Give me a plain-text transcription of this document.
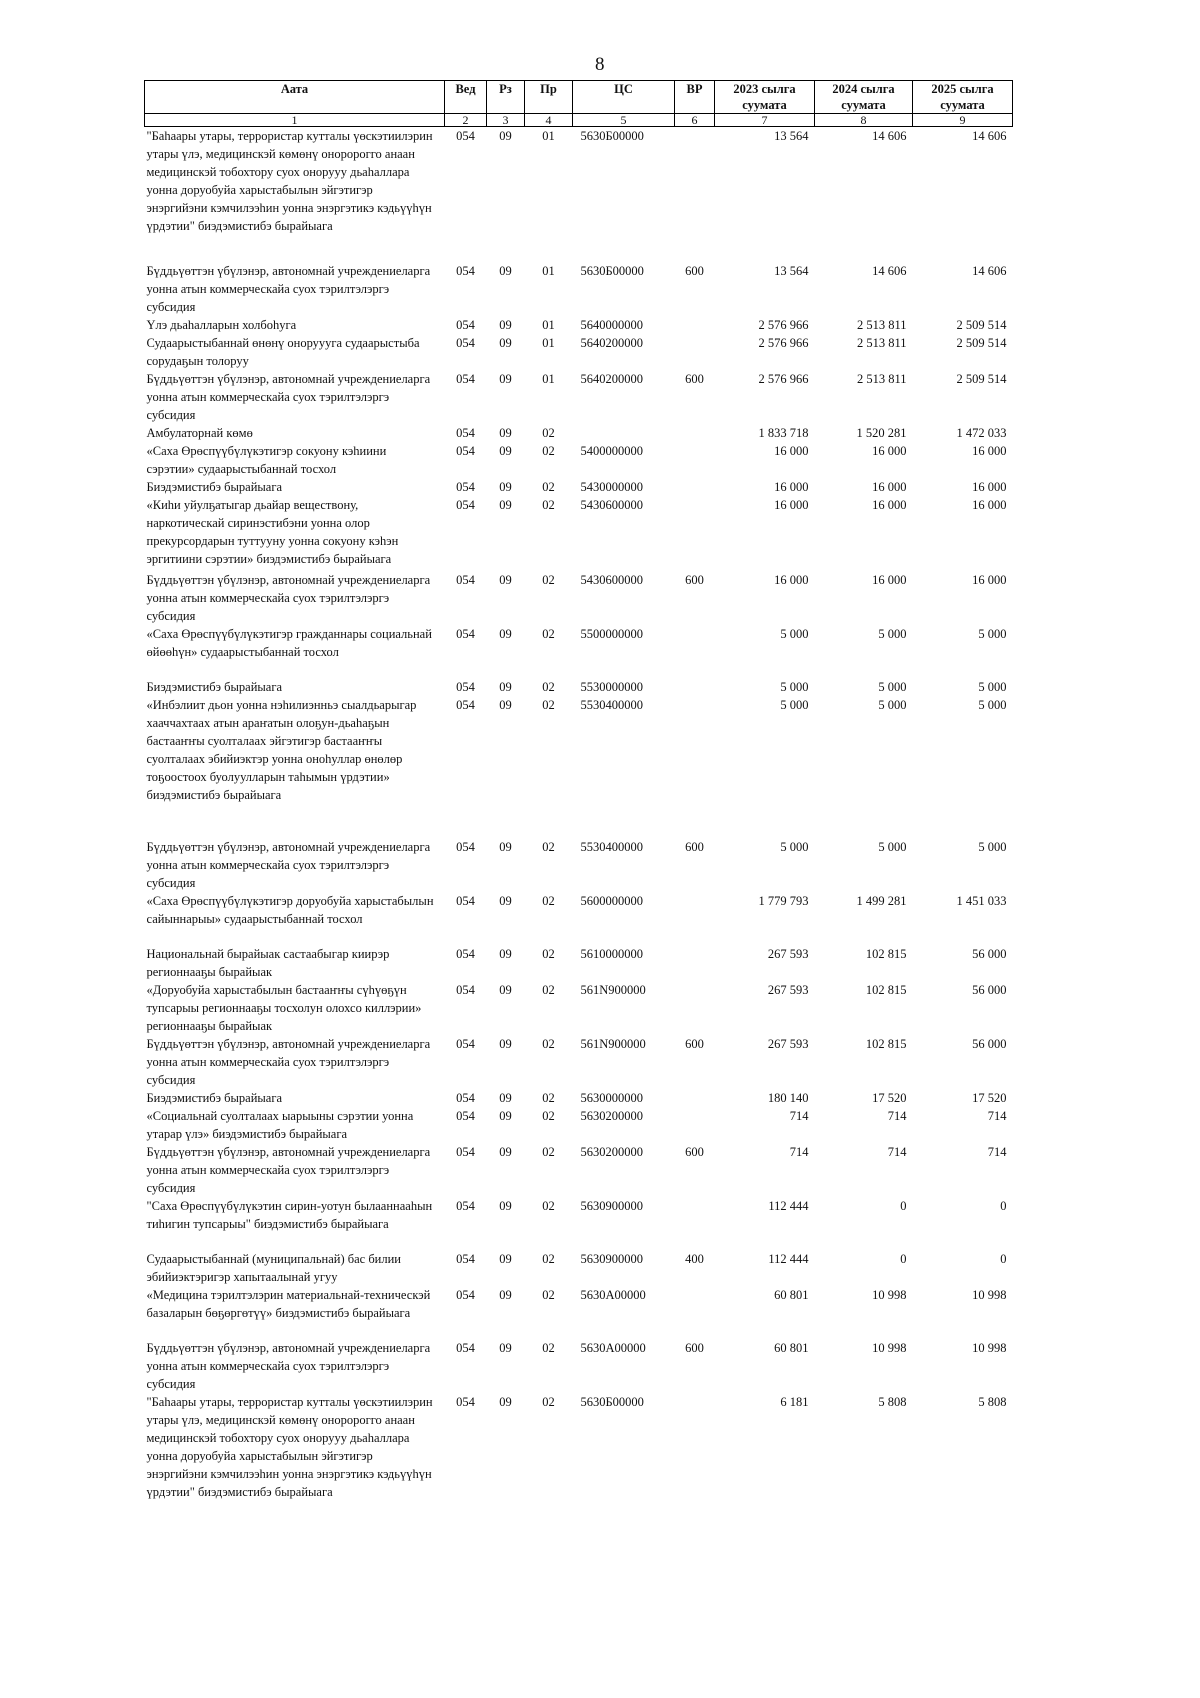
8
Аата	Вед	Рз	Пр	ЦС	ВР	2023 сылга суумата	2024 сылга суумата	2025 сылга суумата
1	2	3	4	5	6	7	8	9
"Баhаары утары, террористар кутталы үөскэтиилэрин утары үлэ, медицинскэй көмөнү оноророгго анаан медицинскэй тобохтору суох онорууу дьаhаллара уонна доруобуйа харыстабылын эйгэтигэр энэргийэни кэмчилээhин уонна энэргэтикэ кэдьүүhүн үрдэтии" биэдэмистибэ бырайыага	054	09	01	5630Б00000		13 564	14 606	14 606
Бүддьүөттэн үбүлэнэр, автономнай учреждениеларга уонна атын коммерческайа суох тэрилтэлэргэ субсидия	054	09	01	5630Б00000	600	13 564	14 606	14 606
Үлэ дьаhалларын холбоhуга	054	09	01	5640000000		2 576 966	2 513 811	2 509 514
Судаарыстыбаннай өнөнү оноруууга судаарыстыба сорудаҕын толоруу	054	09	01	5640200000		2 576 966	2 513 811	2 509 514
Бүддьүөттэн үбүлэнэр, автономнай учреждениеларга уонна атын коммерческайа суох тэрилтэлэргэ субсидия	054	09	01	5640200000	600	2 576 966	2 513 811	2 509 514
Амбулаторнай көмө	054	09	02			1 833 718	1 520 281	1 472 033
«Саха Өрөспүүбүлүкэтигэр сокуону кэhиини сэрэтии» судаарыстыбаннай тосхол	054	09	02	5400000000		16 000	16 000	16 000
Биэдэмистибэ бырайыага	054	09	02	5430000000		16 000	16 000	16 000
«Киhи уйулҕатыгар дьайар веществону, наркотическай сиринэстибэни уонна олор прекурсордарын туттууну уонна сокуону кэhэн эргитиини сэрэтии» биэдэмистибэ бырайыага	054	09	02	5430600000		16 000	16 000	16 000
Бүддьүөттэн үбүлэнэр, автономнай учреждениеларга уонна атын коммерческайа суох тэрилтэлэргэ субсидия	054	09	02	5430600000	600	16 000	16 000	16 000
«Саха Өрөспүүбүлүкэтигэр гражданнары социальнай өйөөhүн» судаарыстыбаннай тосхол	054	09	02	5500000000		5 000	5 000	5 000
Биэдэмистибэ бырайыага	054	09	02	5530000000		5 000	5 000	5 000
«Инбэлиит дьон уонна нэhилиэнньэ сыалдьарыгар хааччахтаах атын араҥатын олоҕун-дьаhаҕын бастааҥҥы суолталаах эйгэтигэр бастааҥҥы суолталаах эбийиэктэр уонна оноhуллар өнөлөр тоҕоостоох буолуулларын таhымын үрдэтии» биэдэмистибэ бырайыага	054	09	02	5530400000		5 000	5 000	5 000
Бүддьүөттэн үбүлэнэр, автономнай учреждениеларга уонна атын коммерческайа суох тэрилтэлэргэ субсидия	054	09	02	5530400000	600	5 000	5 000	5 000
«Саха Өрөспүүбүлүкэтигэр доруобуйа харыстабылын сайыннарыы» судаарыстыбаннай тосхол	054	09	02	5600000000		1 779 793	1 499 281	1 451 033
Национальнай бырайыак састаабыгар киирэр регионнааҕы бырайыак	054	09	02	5610000000		267 593	102 815	56 000
«Доруобуйа харыстабылын бастааҥҥы сүhүөҕүн тупсарыы регионнааҕы тосхолун олохсо киллэрии» регионнааҕы бырайыак	054	09	02	561N900000		267 593	102 815	56 000
Бүддьүөттэн үбүлэнэр, автономнай учреждениеларга уонна атын коммерческайа суох тэрилтэлэргэ субсидия	054	09	02	561N900000	600	267 593	102 815	56 000
Биэдэмистибэ бырайыага	054	09	02	5630000000		180 140	17 520	17 520
«Социальнай суолталаах ыарыыны сэрэтии уонна утарар үлэ» биэдэмистибэ бырайыага	054	09	02	5630200000		714	714	714
Бүддьүөттэн үбүлэнэр, автономнай учреждениеларга уонна атын коммерческайа суох тэрилтэлэргэ субсидия	054	09	02	5630200000	600	714	714	714
"Саха Өрөспүүбүлүкэтин сирин-уотун былааннааhын тиhигин тупсарыы" биэдэмистибэ бырайыага	054	09	02	5630900000		112 444	0	0
Судаарыстыбаннай (муниципальнай) бас билии эбийиэктэригэр хапытаалынай угуу	054	09	02	5630900000	400	112 444	0	0
«Медицина тэрилтэлэрин материальнай-техническэй базаларын бөҕөргөтүү» биэдэмистибэ бырайыага	054	09	02	5630А00000		60 801	10 998	10 998
Бүддьүөттэн үбүлэнэр, автономнай учреждениеларга уонна атын коммерческайа суох тэрилтэлэргэ субсидия	054	09	02	5630А00000	600	60 801	10 998	10 998
"Баhаары утары, террористар кутталы үөскэтиилэрин утары үлэ, медицинскэй көмөнү оноророгго анаан медицинскэй тобохтору суох онорууу дьаhаллара уонна доруобуйа харыстабылын эйгэтигэр энэргийэни кэмчилээhин уонна энэргэтикэ кэдьүүhүн үрдэтии" биэдэмистибэ бырайыага	054	09	02	5630Б00000		6 181	5 808	5 808
